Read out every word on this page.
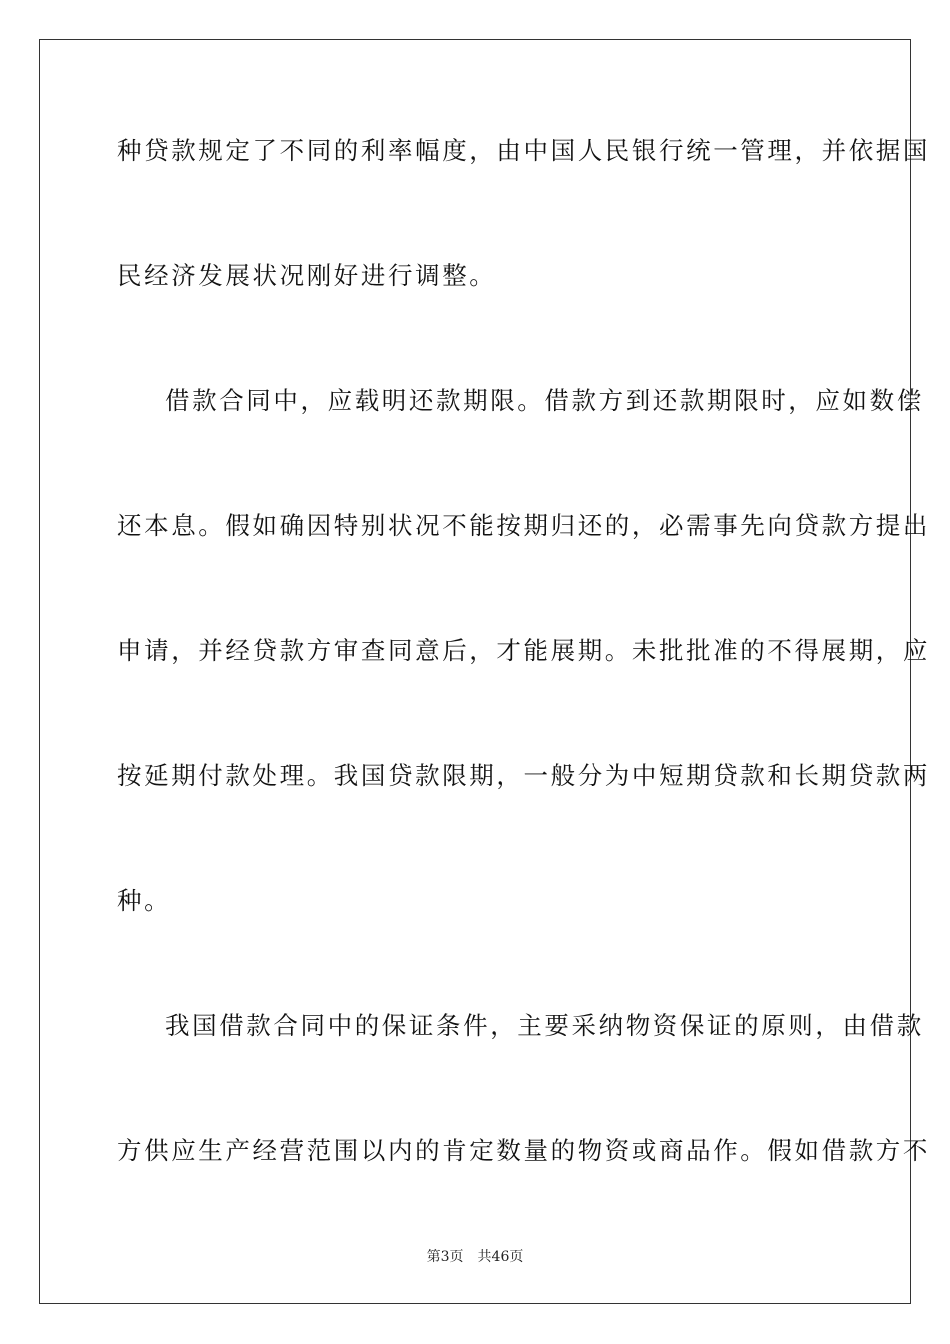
种贷款规定了不同的利率幅度，由中国人民银行统一管理，并依据国
民经济发展状况刚好进行调整。
借款合同中，应载明还款期限。借款方到还款期限时，应如数偿
还本息。假如确因特别状况不能按期归还的，必需事先向贷款方提出
申请，并经贷款方审查同意后，才能展期。未批批准的不得展期，应
按延期付款处理。我国贷款限期，一般分为中短期贷款和长期贷款两
种。
我国借款合同中的保证条件，主要采纳物资保证的原则，由借款
方供应生产经营范围以内的肯定数量的物资或商品作。假如借款方不
第3页 共46页
